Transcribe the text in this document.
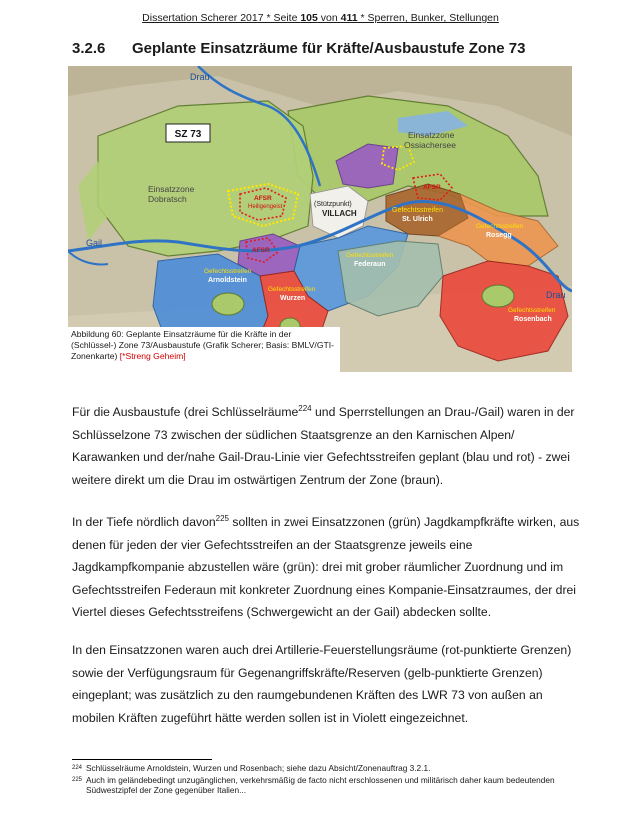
Dissertation Scherer 2017 * Seite 105 von 411 * Sperren, Bunker, Stellungen
3.2.6 Geplante Einsatzräume für Kräfte/Ausbaustufe Zone 73
SZ 73
Drau
Gail
Drau
Einsatzzone
Dobratsch
Einsatzzone
Ossiachersee
AFSR
Heiligengeist
AFSR
AFSR
(Stützpunkt)
VILLACH	Gefechtsstreifen
St. Ulrich
Gefechtsstreifen
Rosegg
Gefechtsstreifen
Federaun
Gefechtsstreifen
Arnoldstein
Gefechtsstreifen
Wurzen
Gefechtsstreifen
Rosenbach
Abbildung 60: Geplante Einsatzräume für die Kräfte in der (Schlüssel-) Zone 73/Ausbaustufe (Grafik Scherer; Basis: BMLV/GTI-Zonenkarte) [*Streng Geheim]

Für die Ausbaustufe (drei Schlüsselräume$^{224}$ und Sperrstellungen an Drau-/Gail) waren in der Schlüsselzone 73 zwischen der südlichen Staatsgrenze an den Karnischen Alpen/ Karawanken und der/nahe Gail-Drau-Linie vier Gefechtsstreifen geplant (blau und rot) - zwei weitere direkt um die Drau im ostwärtigen Zentrum der Zone (braun).

In der Tiefe nördlich davon$^{225}$ sollten in zwei Einsatzzonen (grün) Jagdkampfkräfte wirken, aus denen für jeden der vier Gefechtsstreifen an der Staatsgrenze jeweils eine Jagdkampfkompanie abzustellen wäre (grün): drei mit grober räumlicher Zuordnung und im Gefechtsstreifen Federaun mit konkreter Zuordnung eines Kompanie-Einsatzraumes, der drei Viertel dieses Gefechtsstreifens (Schwergewicht an der Gail) abdecken sollte.

In den Einsatzzonen waren auch drei Artillerie-Feuerstellungsräume (rot-punktierte Grenzen) sowie der Verfügungsraum für Gegenangriffskräfte/Reserven (gelb-punktierte Grenzen) eingeplant; was zusätzlich zu den raumgebundenen Kräften des LWR 73 von außen an mobilen Kräften zugeführt hätte werden sollen ist in Violett eingezeichnet.

224 Schlüsselräume Arnoldstein, Wurzen und Rosenbach; siehe dazu Absicht/Zonenauftrag 3.2.1.
225 Auch im geländebedingt unzugänglichen, verkehrsmäßig de facto nicht erschlossenen und militärisch daher kaum bedeutenden Südwestzipfel der Zone gegenüber Italien...
